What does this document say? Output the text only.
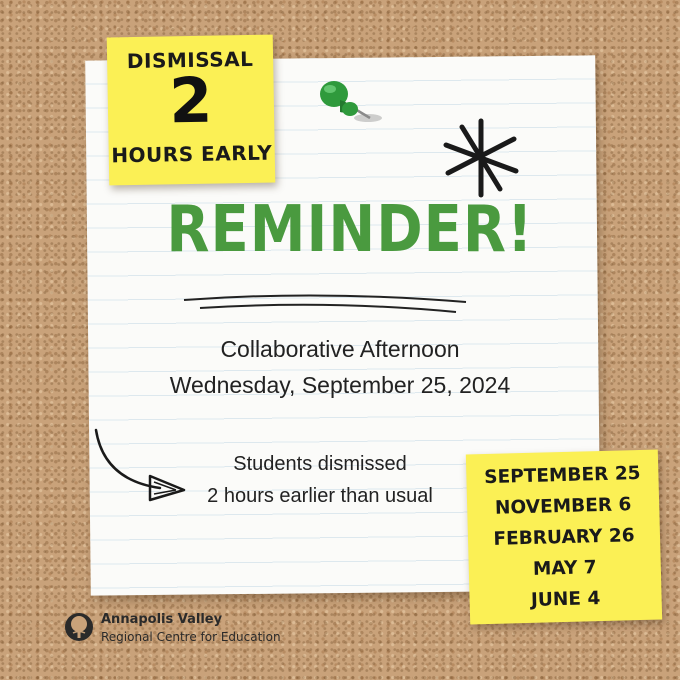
DISMISSAL
2
HOURS EARLY
REMINDER!
Collaborative Afternoon
Wednesday, September 25, 2024
Students dismissed
2 hours earlier than usual
SEPTEMBER 25
NOVEMBER 6
FEBRUARY 26
MAY 7
JUNE 4
Annapolis Valley
Regional Centre for Education
